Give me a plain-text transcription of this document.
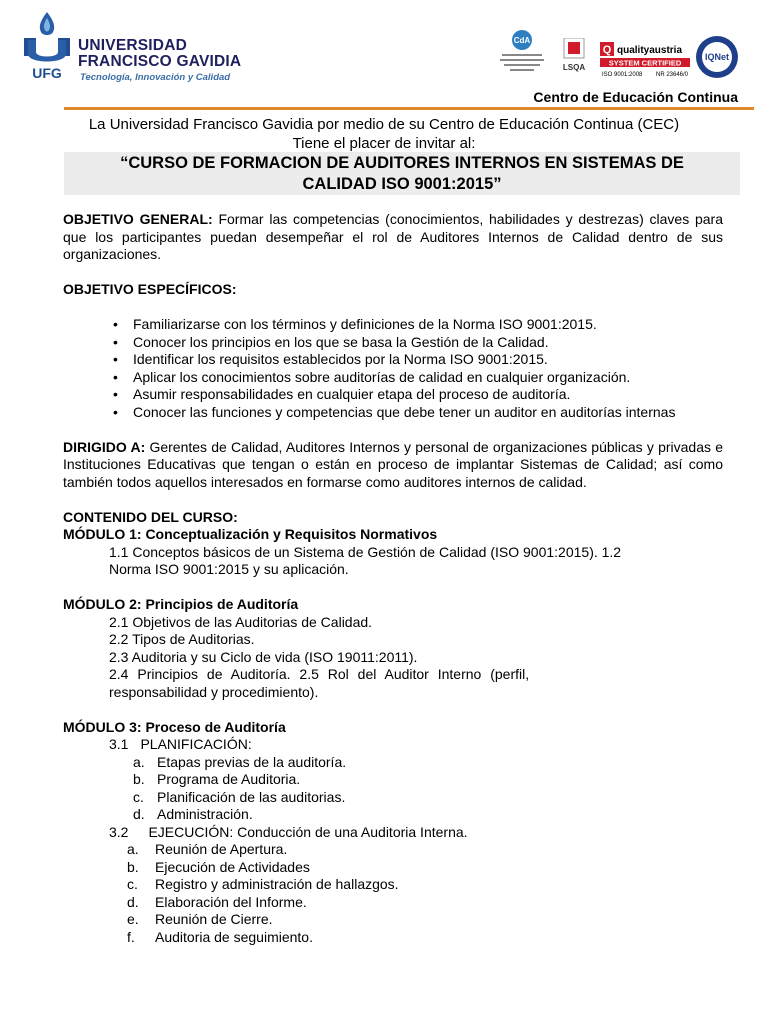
UFG
UNIVERSIDAD
FRANCISCO GAVIDIA
Tecnología, Innovación y Calidad
CdA
LSQA
Q qualityaustria
SYSTEM CERTIFIED
ISO 9001:2008 NR 23646/0
IQNet
Centro de Educación Continua
La Universidad Francisco Gavidia por medio de su Centro de Educación Continua (CEC)
Tiene el placer de invitar al:
“CURSO DE FORMACION DE AUDITORES INTERNOS EN SISTEMAS DE
CALIDAD ISO 9001:2015”

OBJETIVO GENERAL: Formar las competencias (conocimientos, habilidades y destrezas) claves para que los participantes puedan desempeñar el rol de Auditores Internos de Calidad dentro de sus organizaciones.

OBJETIVO ESPECÍFICOS:

• Familiarizarse con los términos y definiciones de la Norma ISO 9001:2015.
• Conocer los principios en los que se basa la Gestión de la Calidad.
• Identificar los requisitos establecidos por la Norma ISO 9001:2015.
• Aplicar los conocimientos sobre auditorías de calidad en cualquier organización.
• Asumir responsabilidades en cualquier etapa del proceso de auditoría.
• Conocer las funciones y competencias que debe tener un auditor en auditorías internas

DIRIGIDO A: Gerentes de Calidad, Auditores Internos y personal de organizaciones públicas y privadas e Instituciones Educativas que tengan o están en proceso de implantar Sistemas de Calidad; así como también todos aquellos interesados en formarse como auditores internos de calidad.

CONTENIDO DEL CURSO:

MÓDULO 1: Conceptualización y Requisitos Normativos

1.1 Conceptos básicos de un Sistema de Gestión de Calidad (ISO 9001:2015). 1.2

Norma ISO 9001:2015 y su aplicación.

MÓDULO 2: Principios de Auditoría

2.1 Objetivos de las Auditorias de Calidad.

2.2 Tipos de Auditorias.

2.3 Auditoria y su Ciclo de vida (ISO 19011:2011).

2.4 Principios de Auditoría. 2.5 Rol del Auditor Interno (perfil,

responsabilidad y procedimiento).

MÓDULO 3: Proceso de Auditoría

3.1 PLANIFICACIÓN:

a. Etapas previas de la auditoría.
b. Programa de Auditoria.
c. Planificación de las auditorias.
d. Administración.

3.2 EJECUCIÓN: Conducción de una Auditoria Interna.

a.	Reunión de Apertura.
b.	Ejecución de Actividades
c.	Registro y administración de hallazgos.
d.	Elaboración del Informe.
e.	Reunión de Cierre.
f.	Auditoria de seguimiento.
